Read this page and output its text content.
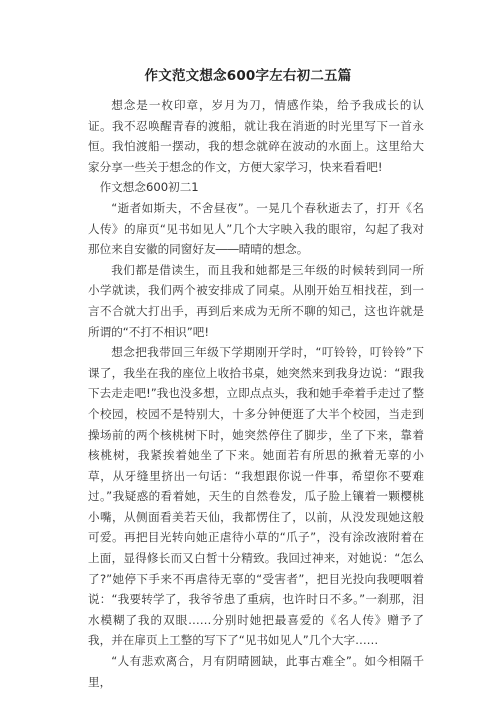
作文范文想念600字左右初二五篇

想念是一枚印章，岁月为刀，情感作染，给予我成长的认证。我不忍唤醒青春的渡船，就让我在消逝的时光里写下一首永恒。我怕渡船一摆动，我的想念就碎在波动的水面上。这里给大家分享一些关于想念的作文，方便大家学习，快来看看吧!

作文想念600初二1

“逝者如斯夫，不舍昼夜”。一晃几个春秋逝去了，打开《名人传》的扉页“见书如见人”几个大字映入我的眼帘，勾起了我对那位来自安徽的同窗好友――晴晴的想念。

我们都是借读生，而且我和她都是三年级的时候转到同一所小学就读，我们两个被安排成了同桌。从刚开始互相找茬，到一言不合就大打出手，再到后来成为无所不聊的知己，这也许就是所谓的“不打不相识”吧!

想念把我带回三年级下学期刚开学时，“叮铃铃，叮铃铃”下课了，我坐在我的座位上收拾书桌，她突然来到我身边说：“跟我下去走走吧!”我也没多想，立即点点头，我和她手牵着手走过了整个校园，校园不是特别大，十多分钟便逛了大半个校园，当走到操场前的两个核桃树下时，她突然停住了脚步，坐了下来，靠着核桃树，我紧挨着她坐了下来。她面若有所思的揪着无辜的小草，从牙缝里挤出一句话：“我想跟你说一件事，希望你不要难过。”我疑惑的看着她，天生的自然卷发，瓜子脸上镶着一颗樱桃小嘴，从侧面看美若天仙，我都愣住了，以前，从没发现她这般可爱。再把目光转向她正虐待小草的“爪子”，没有涂改液附着在上面，显得修长而又白皙十分精致。我回过神来，对她说：“怎么了?”她停下手来不再虐待无辜的“受害者”，把目光投向我哽咽着说：“我要转学了，我爷爷患了重病，也许时日不多。”一刹那，泪水模糊了我的双眼……分别时她把最喜爱的《名人传》赠予了我，并在扉页上工整的写下了“见书如见人”几个大字……

“人有悲欢离合，月有阴晴圆缺，此事古难全”。如今相隔千里，
